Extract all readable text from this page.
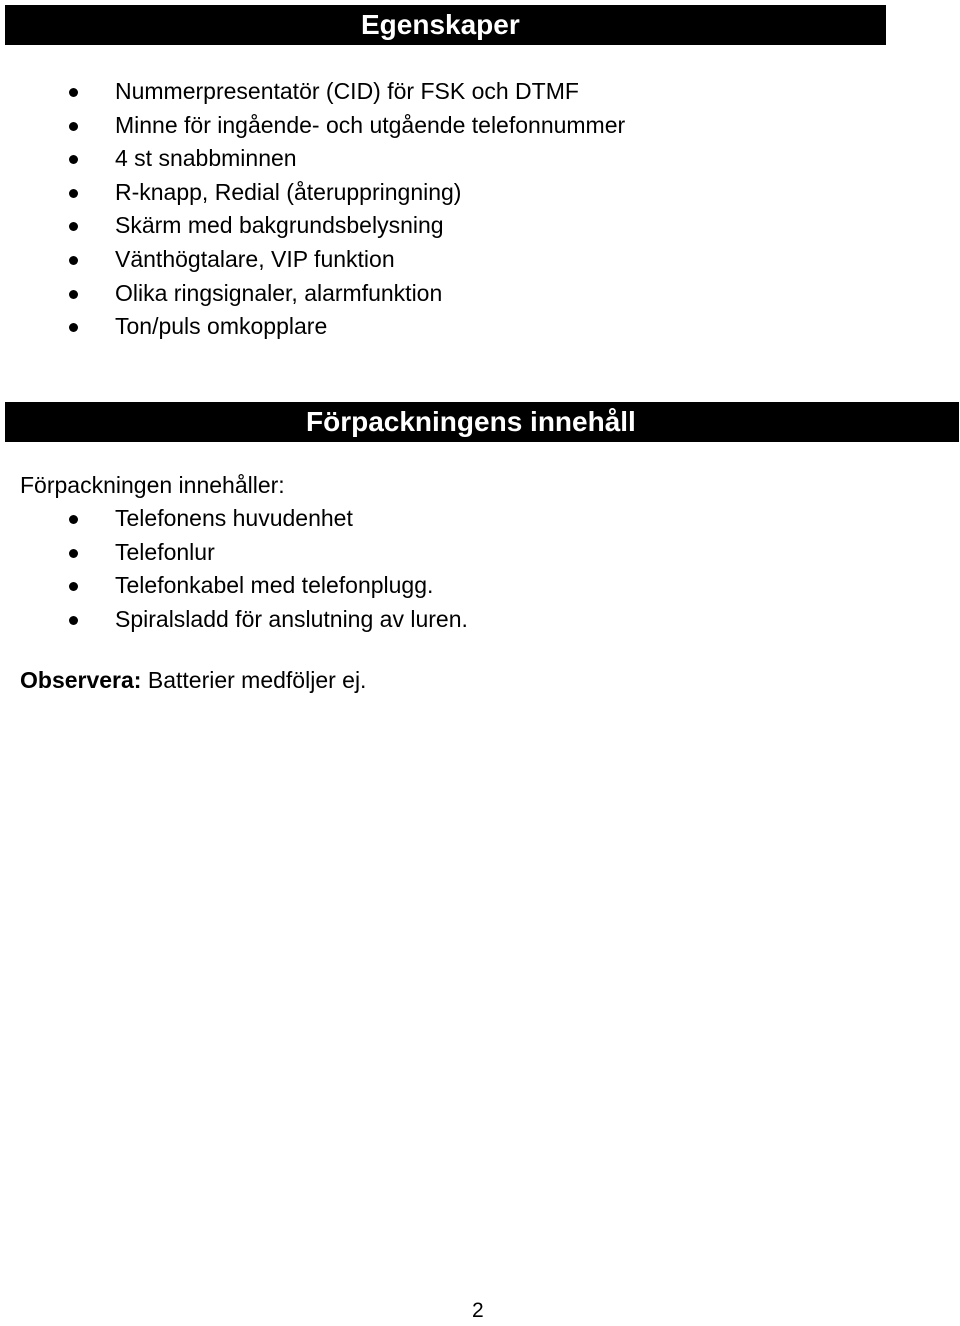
Egenskaper
Nummerpresentatör (CID) för FSK och DTMF
Minne för ingående- och utgående telefonnummer
4 st snabbminnen
R-knapp, Redial (återuppringning)
Skärm med bakgrundsbelysning
Vänthögtalare, VIP funktion
Olika ringsignaler, alarmfunktion
Ton/puls omkopplare
Förpackningens innehåll
Förpackningen innehåller:
Telefonens huvudenhet
Telefonlur
Telefonkabel med telefonplugg.
Spiralsladd för anslutning av luren.
Observera: Batterier medföljer ej.
2
